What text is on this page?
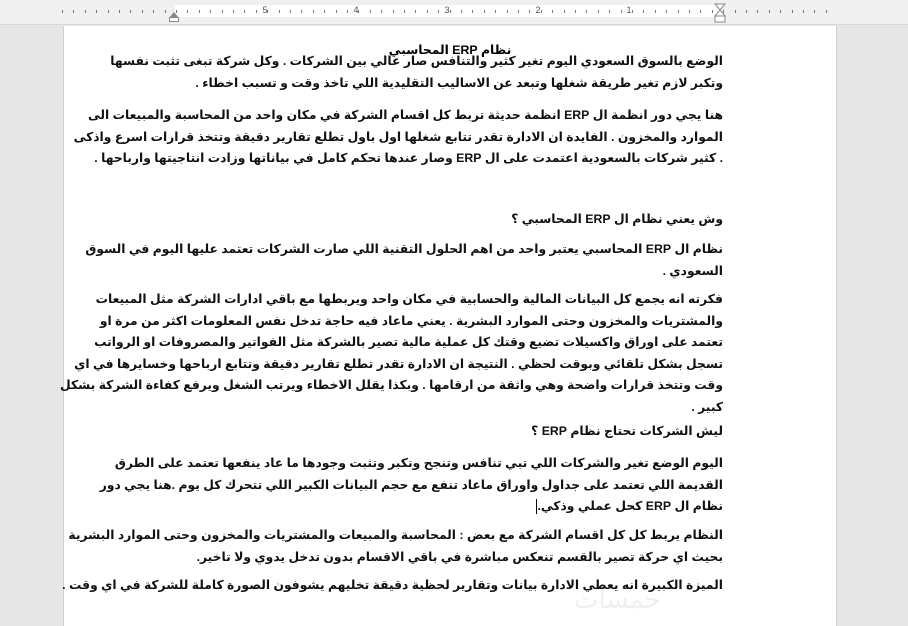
5	4	3	2	1
نظام ERP المحاسبي
الوضع بالسوق السعودي اليوم تغير كثير والتنافس صار عالي بين الشركات . وكل شركة تبغى تثبت نفسها
وتكبر لازم تغير طريقة شغلها وتبعد عن الاساليب التقليدية اللي تاخذ وقت و تسبب اخطاء .
هنا يجي دور انظمة ال ERP انظمة حديثة تربط كل اقسام الشركة في مكان واحد من المحاسبة والمبيعات الى
الموارد والمخزون . الفايدة ان الادارة تقدر تتابع شغلها اول باول تطلع تقارير دقيقة وتتخذ قرارات اسرع واذكى
. كثير شركات بالسعودية اعتمدت على ال ERP وصار عندها تحكم كامل في بياناتها وزادت انتاجيتها وارباحها .
وش يعني نظام ال ERP المحاسبي ؟
نظام ال ERP المحاسبي يعتبر واحد من اهم الحلول التقنية اللي صارت الشركات تعتمد عليها اليوم في السوق
السعودي .
فكرته انه يجمع كل البيانات المالية والحسابية في مكان واحد ويربطها مع باقي ادارات الشركة مثل المبيعات
والمشتريات والمخزون وحتى الموارد البشرية . يعني ماعاد فيه حاجة تدخل نفس المعلومات اكثر من مرة او
تعتمد على اوراق واكسيلات تضيع وقتك كل عملية مالية تصير بالشركة مثل الفواتير والمصروفات او الرواتب
تسجل بشكل تلقائي وبوقت لحظي . النتيجة ان الادارة تقدر تطلع تقارير دقيقة وتتابع ارباحها وخسايرها في اي
وقت وتتخذ قرارات واضحة وهي واثقة من ارقامها . وبكذا يقلل الاخطاء ويرتب الشغل ويرفع كفاءة الشركة بشكل
كبير .
ليش الشركات تحتاج نظام ERP ؟
اليوم الوضع تغير والشركات اللي تبي تنافس وتنجح وتكبر وتثبت وجودها ما عاد ينفعها تعتمد على الطرق
القديمة اللي تعتمد على جداول واوراق ماعاد تنفع مع حجم البيانات الكبير اللي تتحرك كل يوم .هنا يجي دور
نظام ال ERP كحل عملي وذكي.
النظام يربط كل كل اقسام الشركة مع بعض : المحاسبة والمبيعات والمشتريات والمخزون وحتى الموارد البشرية
بحيث اي حركة تصير بالقسم تنعكس مباشرة في باقي الاقسام بدون تدخل يدوي ولا تاخير.
الميزة الكبيرة انه يعطي الادارة بيانات وتقارير لحظية دقيقة تخليهم يشوفون الصورة كاملة للشركة في اي وقت .
خمسات
